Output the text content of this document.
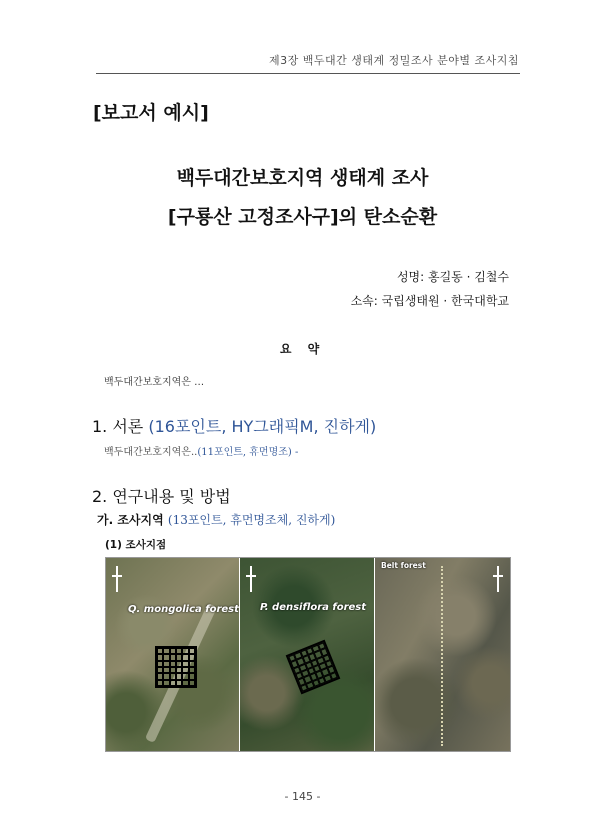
제3장 백두대간 생태계 정밀조사 분야별 조사지침
[보고서 예시]
백두대간보호지역 생태계 조사
[구룡산 고정조사구]의 탄소순환
성명: 홍길동 · 김철수
소속: 국립생태원 · 한국대학교
요 약
백두대간보호지역은 …
1. 서론 (16포인트, HY그래픽M, 진하게)
백두대간보호지역은..(11포인트, 휴먼명조) -
2. 연구내용 및 방법
가. 조사지역 (13포인트, 휴먼명조체, 진하게)
(1) 조사지점
Q. mongolica forest P. densiflora forest
Belt forest
- 145 -
